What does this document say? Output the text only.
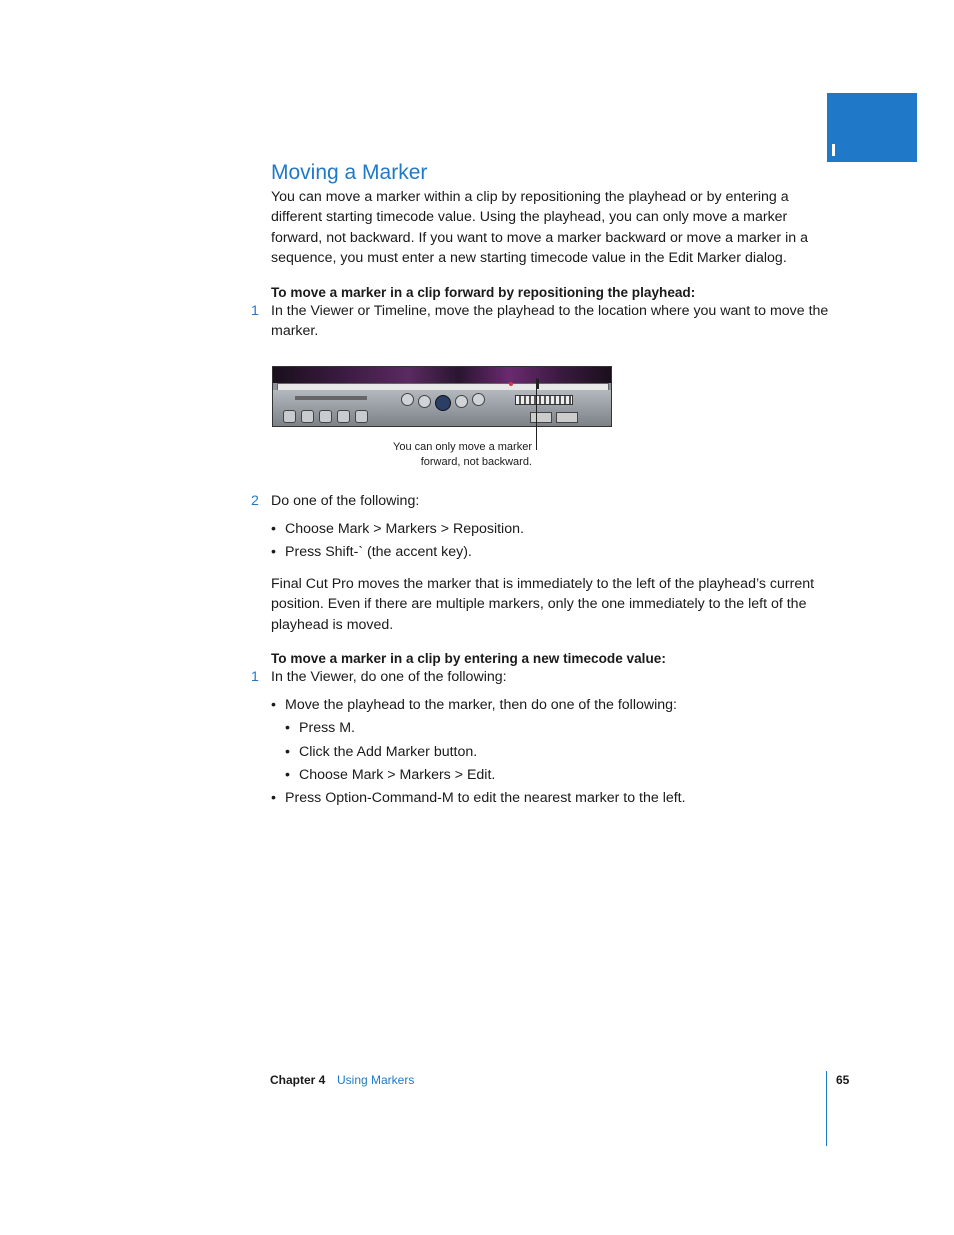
Moving a Marker

You can move a marker within a clip by repositioning the playhead or by entering a different starting timecode value. Using the playhead, you can only move a marker forward, not backward. If you want to move a marker backward or move a marker in a sequence, you must enter a new starting timecode value in the Edit Marker dialog.

To move a marker in a clip forward by repositioning the playhead:

1 In the Viewer or Timeline, move the playhead to the location where you want to move the marker.

You can only move a marker
forward, not backward.
2 Do one of the following:

• Choose Mark > Markers > Reposition.
• Press Shift-` (the accent key).

Final Cut Pro moves the marker that is immediately to the left of the playhead’s current position. Even if there are multiple markers, only the one immediately to the left of the playhead is moved.

To move a marker in a clip by entering a new timecode value:

1 In the Viewer, do one of the following:

• Move the playhead to the marker, then do one of the following:
• Press M.
• Click the Add Marker button.
• Choose Mark > Markers > Edit.
• Press Option-Command-M to edit the nearest marker to the left.
Chapter 4 Using Markers	65
